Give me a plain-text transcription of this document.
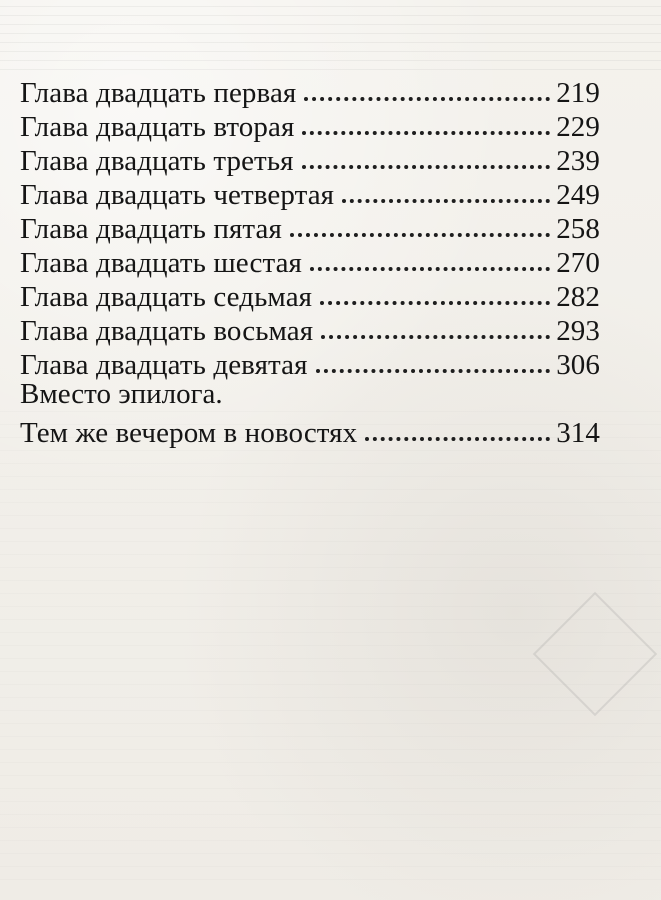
Глава двадцать первая	219
Глава двадцать вторая	229
Глава двадцать третья	239
Глава двадцать четвертая	249
Глава двадцать пятая	258
Глава двадцать шестая	270
Глава двадцать седьмая	282
Глава двадцать восьмая	293
Глава двадцать девятая	306
Вместо эпилога.
Тем же вечером в новостях	314
